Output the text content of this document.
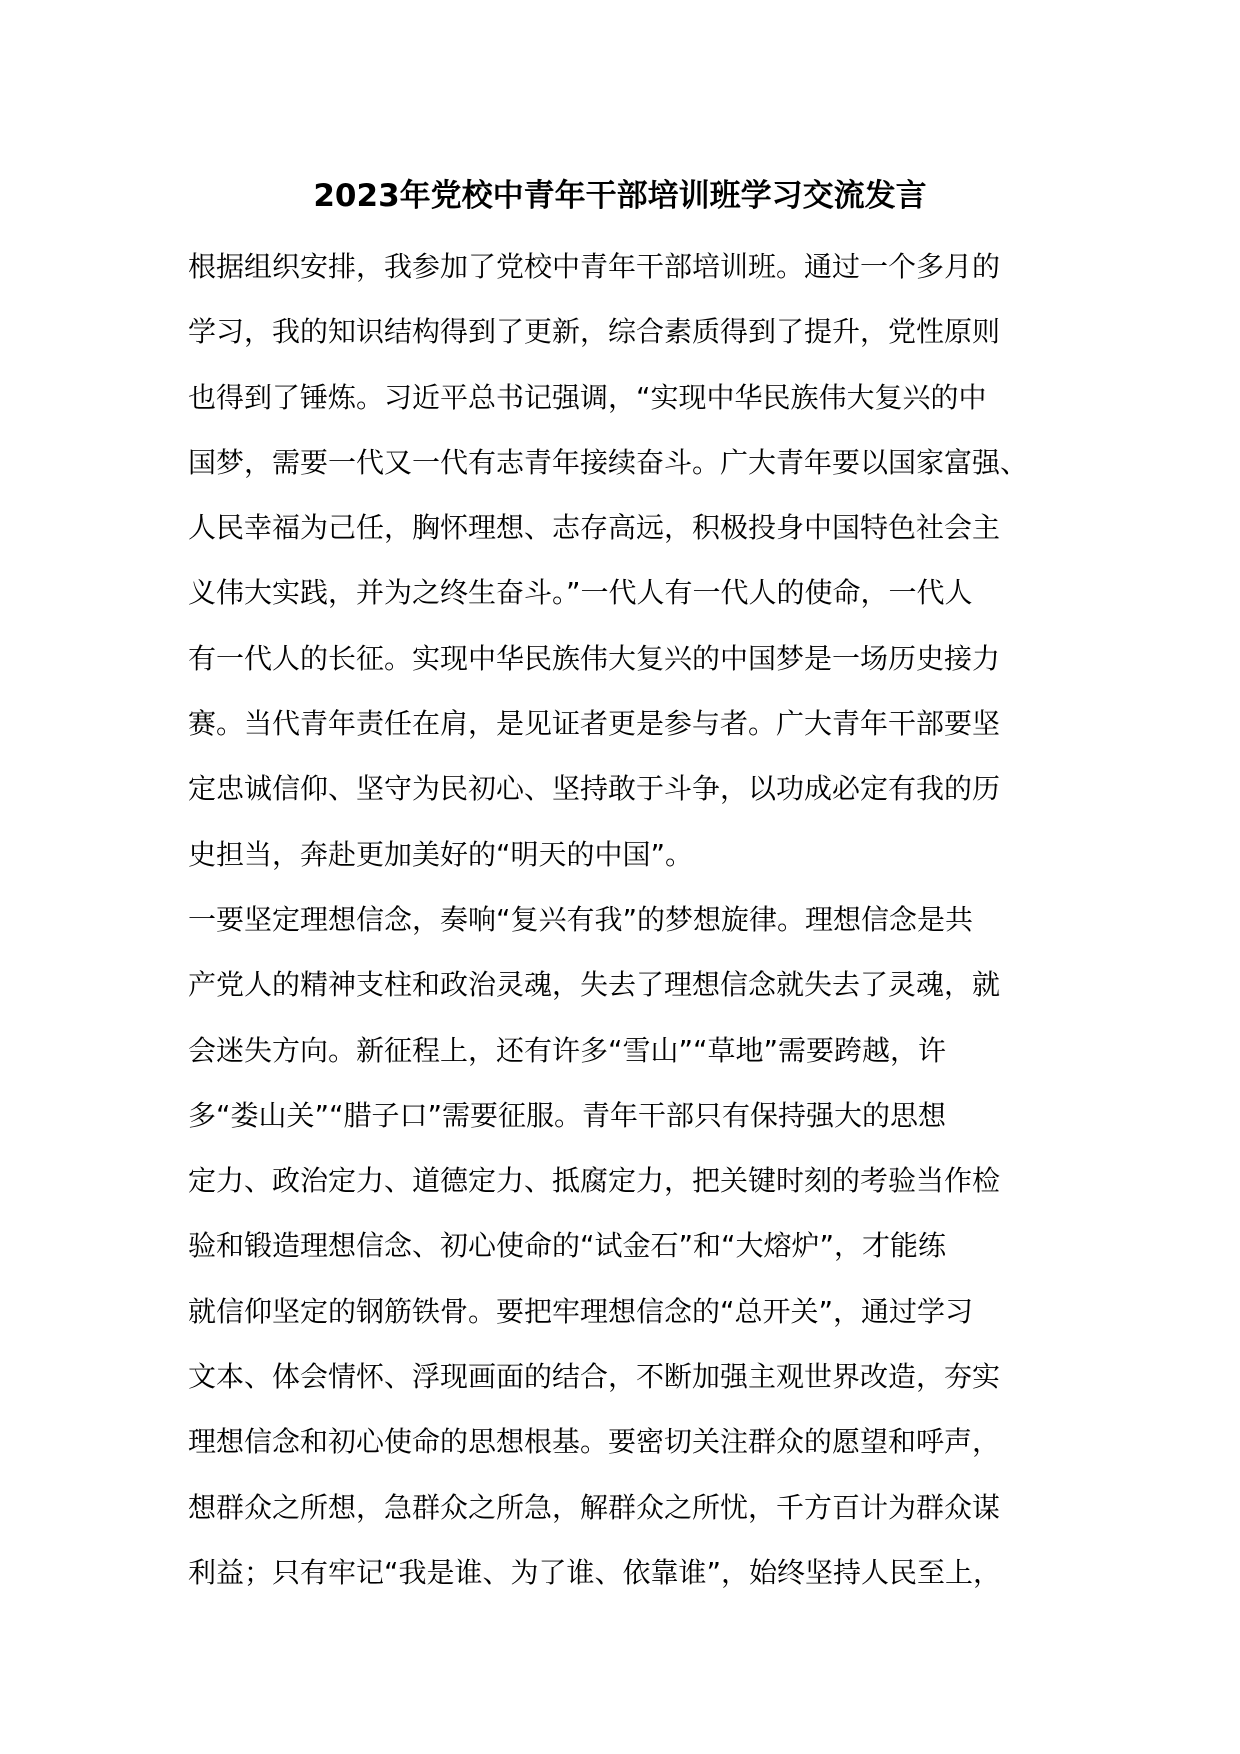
2023年党校中青年干部培训班学习交流发言

根据组织安排，我参加了党校中青年干部培训班。通过一个多月的

学习，我的知识结构得到了更新，综合素质得到了提升，党性原则

也得到了锤炼。习近平总书记强调，“实现中华民族伟大复兴的中

国梦，需要一代又一代有志青年接续奋斗。广大青年要以国家富强、

人民幸福为己任，胸怀理想、志存高远，积极投身中国特色社会主

义伟大实践，并为之终生奋斗。”一代人有一代人的使命，一代人

有一代人的长征。实现中华民族伟大复兴的中国梦是一场历史接力

赛。当代青年责任在肩，是见证者更是参与者。广大青年干部要坚

定忠诚信仰、坚守为民初心、坚持敢于斗争，以功成必定有我的历

史担当，奔赴更加美好的“明天的中国”。

一要坚定理想信念，奏响“复兴有我”的梦想旋律。理想信念是共

产党人的精神支柱和政治灵魂，失去了理想信念就失去了灵魂，就

会迷失方向。新征程上，还有许多“雪山”“草地”需要跨越，许

多“娄山关”“腊子口”需要征服。青年干部只有保持强大的思想

定力、政治定力、道德定力、抵腐定力，把关键时刻的考验当作检

验和锻造理想信念、初心使命的“试金石”和“大熔炉”，才能练

就信仰坚定的钢筋铁骨。要把牢理想信念的“总开关”，通过学习

文本、体会情怀、浮现画面的结合，不断加强主观世界改造，夯实

理想信念和初心使命的思想根基。要密切关注群众的愿望和呼声，

想群众之所想，急群众之所急，解群众之所忧，千方百计为群众谋

利益；只有牢记“我是谁、为了谁、依靠谁”，始终坚持人民至上，
